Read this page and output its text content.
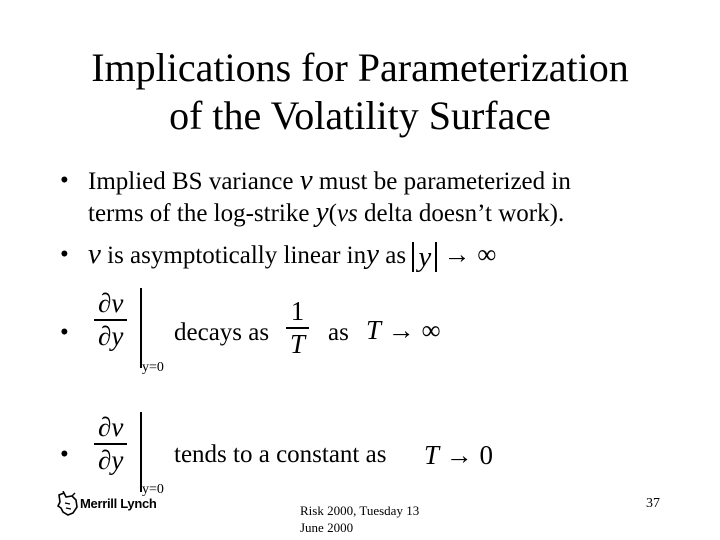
Implications for Parameterization
of the Volatility Surface
• Implied BS variance v must be parameterized in
terms of the log-strike y(vs delta doesn’t work).
• v is asymptotically linear iny as y → ∞
• $\frac{\partial v}{\partial y}$
y=0
decays as $\frac{1}{T}$ as T → ∞
• $\frac{\partial v}{\partial y}$
y=0
tends to a constant as T → 0
Merrill Lynch	Risk 2000, Tuesday 13
June 2000
37
